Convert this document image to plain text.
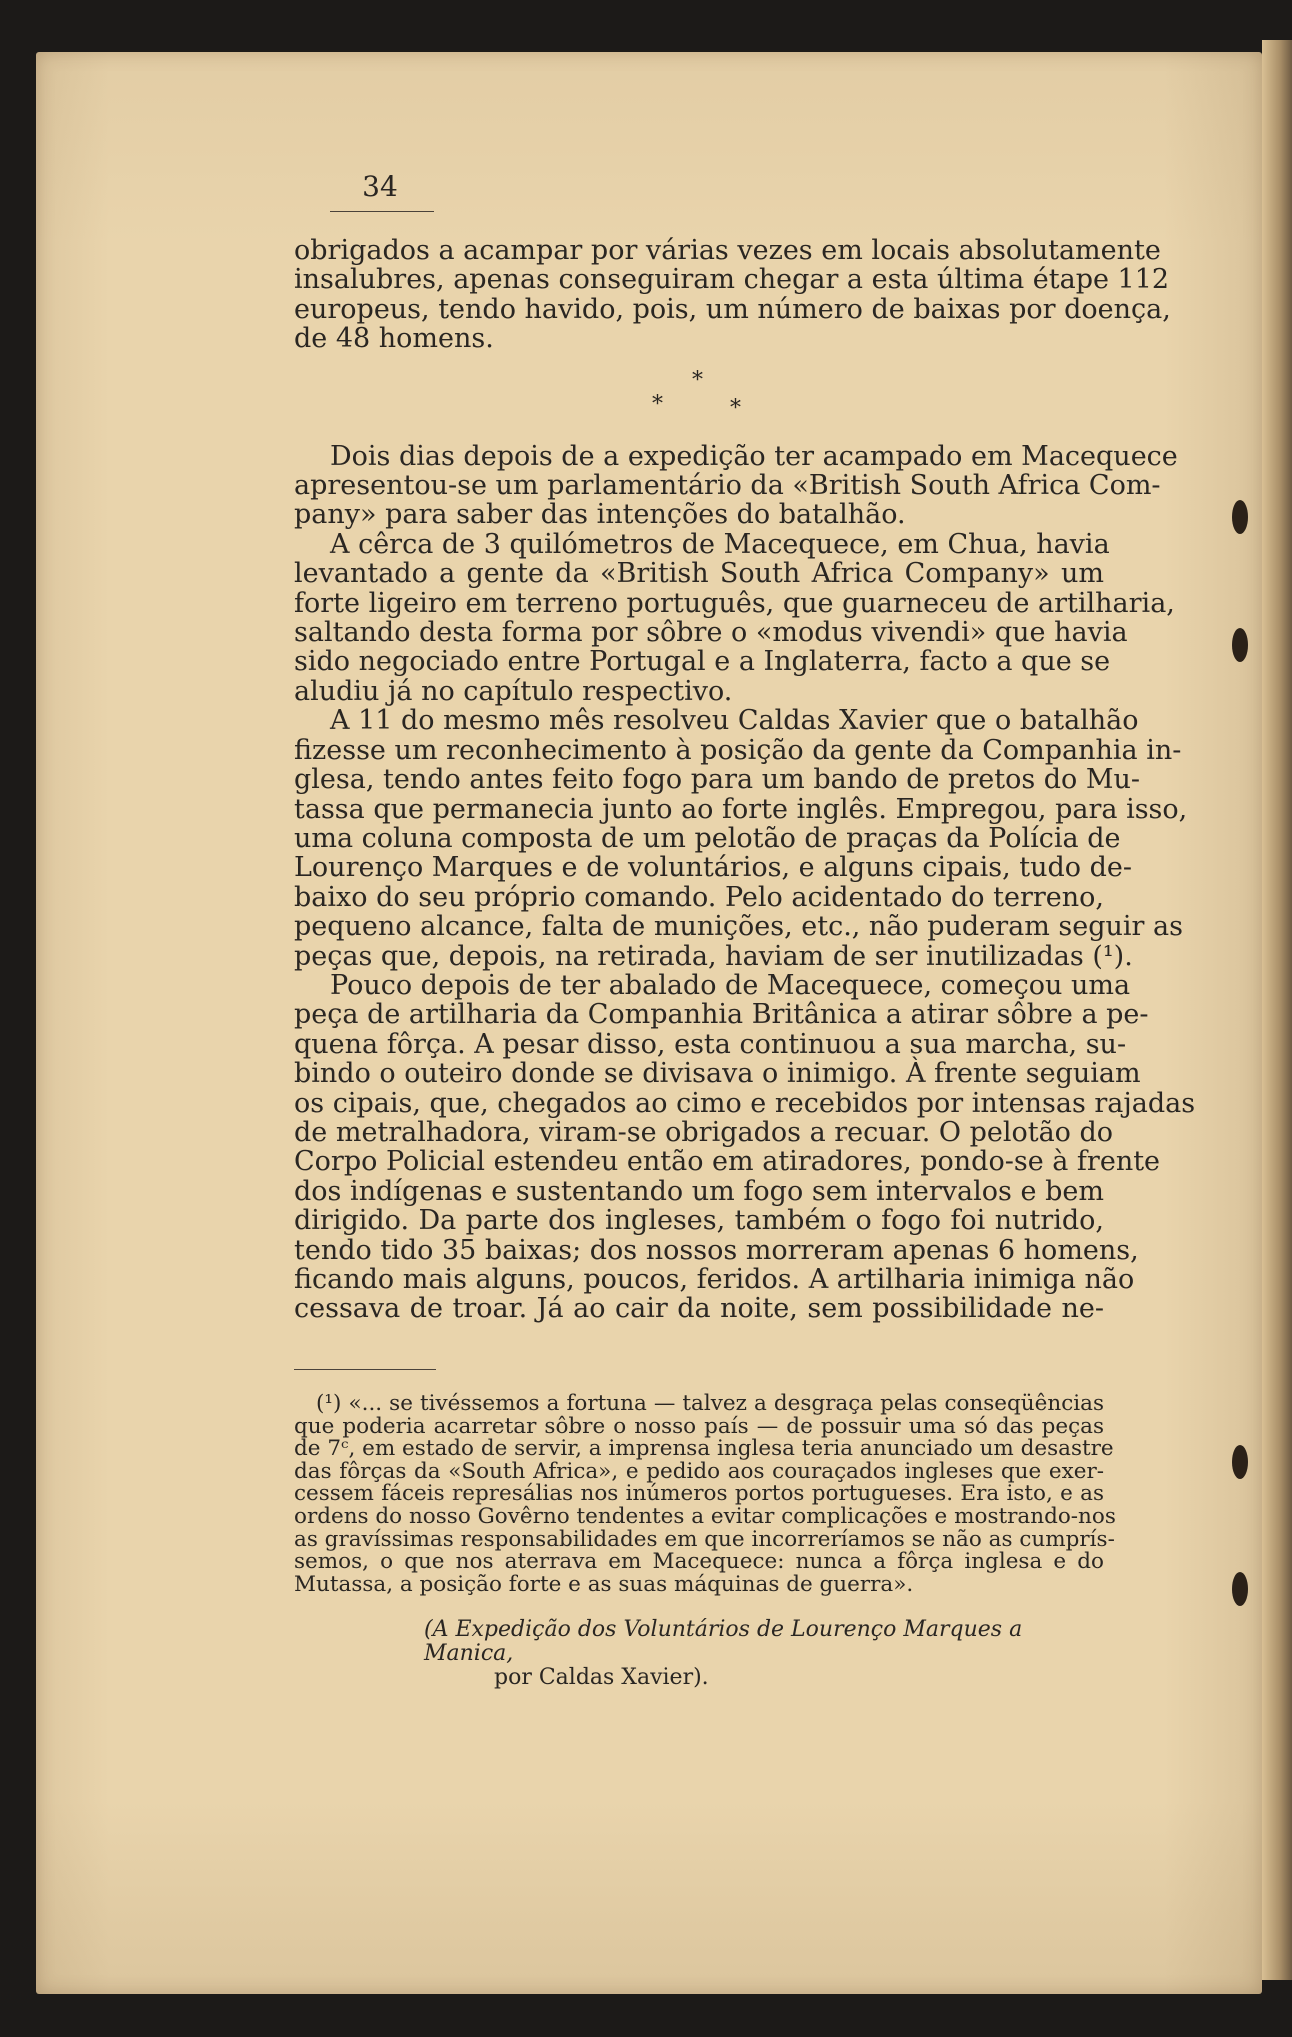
34
obrigados a acampar por várias vezes em locais absolutamente
insalubres, apenas conseguiram chegar a esta última étape 112
europeus, tendo havido, pois, um número de baixas por doença,
de 48 homens.
Dois dias depois de a expedição ter acampado em Macequece
apresentou-se um parlamentário da «British South Africa Com-
pany» para saber das intenções do batalhão.
A cêrca de 3 quilómetros de Macequece, em Chua, havia
levantado a gente da «British South Africa Company» um
forte ligeiro em terreno português, que guarneceu de artilharia,
saltando desta forma por sôbre o «modus vivendi» que havia
sido negociado entre Portugal e a Inglaterra, facto a que se
aludiu já no capítulo respectivo.
A 11 do mesmo mês resolveu Caldas Xavier que o batalhão
fizesse um reconhecimento à posição da gente da Companhia in-
glesa, tendo antes feito fogo para um bando de pretos do Mu-
tassa que permanecia junto ao forte inglês. Empregou, para isso,
uma coluna composta de um pelotão de praças da Polícia de
Lourenço Marques e de voluntários, e alguns cipais, tudo de-
baixo do seu próprio comando. Pelo acidentado do terreno,
pequeno alcance, falta de munições, etc., não puderam seguir as
peças que, depois, na retirada, haviam de ser inutilizadas (¹).
Pouco depois de ter abalado de Macequece, começou uma
peça de artilharia da Companhia Britânica a atirar sôbre a pe-
quena fôrça. A pesar disso, esta continuou a sua marcha, su-
bindo o outeiro donde se divisava o inimigo. À frente seguiam
os cipais, que, chegados ao cimo e recebidos por intensas rajadas
de metralhadora, viram-se obrigados a recuar. O pelotão do
Corpo Policial estendeu então em atiradores, pondo-se à frente
dos indígenas e sustentando um fogo sem intervalos e bem
dirigido. Da parte dos ingleses, também o fogo foi nutrido,
tendo tido 35 baixas; dos nossos morreram apenas 6 homens,
ficando mais alguns, poucos, feridos. A artilharia inimiga não
cessava de troar. Já ao cair da noite, sem possibilidade ne-
*
*	*
(¹) «... se tivéssemos a fortuna — talvez a desgraça pelas conseqüências
que poderia acarretar sôbre o nosso país — de possuir uma só das peças
de 7ᶜ, em estado de servir, a imprensa inglesa teria anunciado um desastre
das fôrças da «South Africa», e pedido aos couraçados ingleses que exer-
cessem fáceis represálias nos inúmeros portos portugueses. Era isto, e as
ordens do nosso Govêrno tendentes a evitar complicações e mostrando-nos
as gravíssimas responsabilidades em que incorreríamos se não as cumprís-
semos, o que nos aterrava em Macequece: nunca a fôrça inglesa e do
Mutassa, a posição forte e as suas máquinas de guerra».
(A Expedição dos Voluntários de Lourenço Marques a Manica,
por Caldas Xavier).
